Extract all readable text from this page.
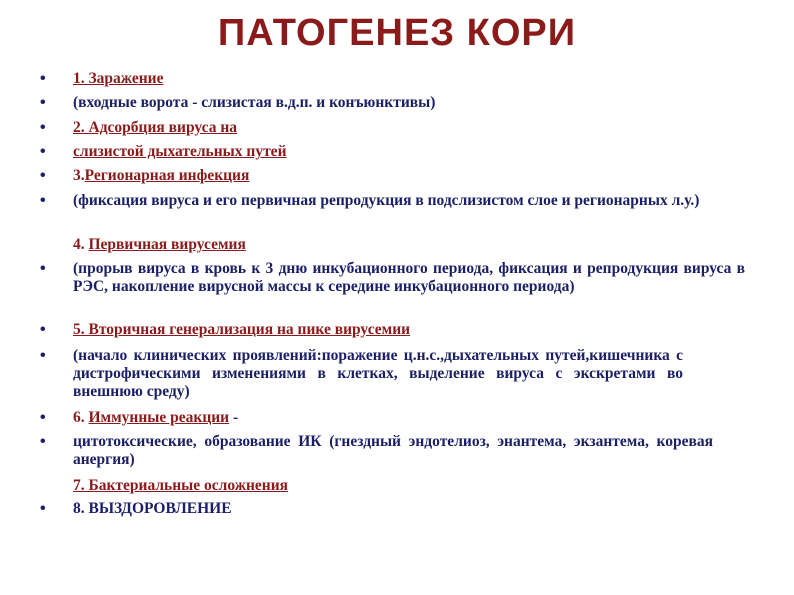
ПАТОГЕНЕЗ КОРИ
• 1. Заражение
• (входные ворота - слизистая в.д.п. и конъюнктивы)
• 2. Адсорбция вируса на
• слизистой дыхательных путей
• 3.Регионарная инфекция
• (фиксация вируса и его первичная репродукция в подслизистом слое и регионарных л.у.)
4. Первичная вирусемия
• (прорыв вируса в кровь к 3 дню инкубационного периода, фиксация и репродукция вируса в РЭС, накопление вирусной массы к середине инкубационного периода)
• 5. Вторичная генерализация на пике вирусемии
• (начало клинических проявлений:поражение ц.н.с.,дыхательных путей,кишечника с дистрофическими изменениями в клетках, выделение вируса с экскретами во внешнюю среду)
• 6. Иммунные реакции -
• цитотоксические, образование ИК (гнездный эндотелиоз, энантема, экзантема, коревая анергия)
7. Бактериальные осложнения
• 8. ВЫЗДОРОВЛЕНИЕ
